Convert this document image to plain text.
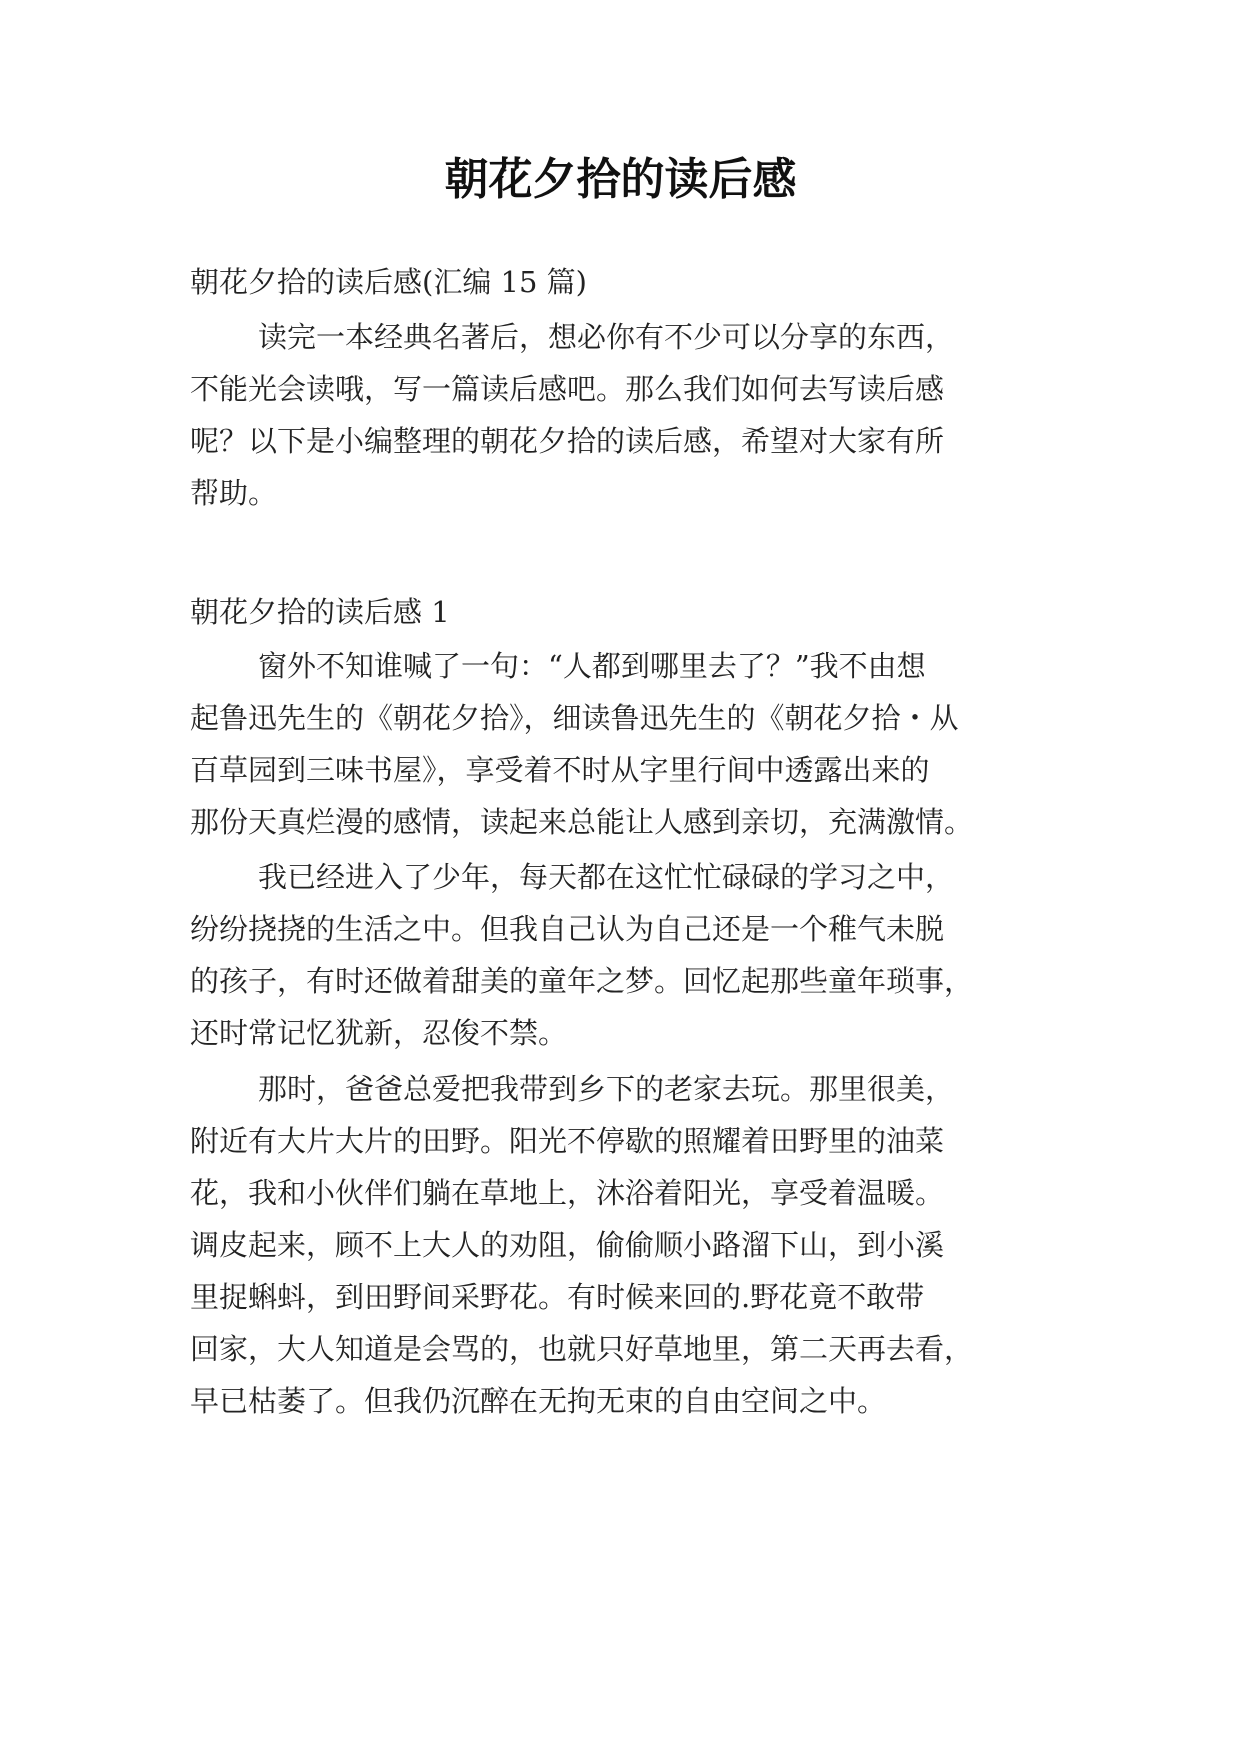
朝花夕拾的读后感
朝花夕拾的读后感(汇编 15 篇)
读完一本经典名著后，想必你有不少可以分享的东西，
不能光会读哦，写一篇读后感吧。那么我们如何去写读后感
呢？以下是小编整理的朝花夕拾的读后感，希望对大家有所
帮助。
朝花夕拾的读后感 1
窗外不知谁喊了一句：“人都到哪里去了？”我不由想
起鲁迅先生的《朝花夕拾》，细读鲁迅先生的《朝花夕拾・从
百草园到三味书屋》，享受着不时从字里行间中透露出来的
那份天真烂漫的感情，读起来总能让人感到亲切，充满激情。
我已经进入了少年，每天都在这忙忙碌碌的学习之中，
纷纷挠挠的生活之中。但我自己认为自己还是一个稚气未脱
的孩子，有时还做着甜美的童年之梦。回忆起那些童年琐事，
还时常记忆犹新，忍俊不禁。
那时，爸爸总爱把我带到乡下的老家去玩。那里很美，
附近有大片大片的田野。阳光不停歇的照耀着田野里的油菜
花，我和小伙伴们躺在草地上，沐浴着阳光，享受着温暖。
调皮起来，顾不上大人的劝阻，偷偷顺小路溜下山，到小溪
里捉蝌蚪，到田野间采野花。有时候来回的.野花竟不敢带
回家，大人知道是会骂的，也就只好草地里，第二天再去看，
早已枯萎了。但我仍沉醉在无拘无束的自由空间之中。
